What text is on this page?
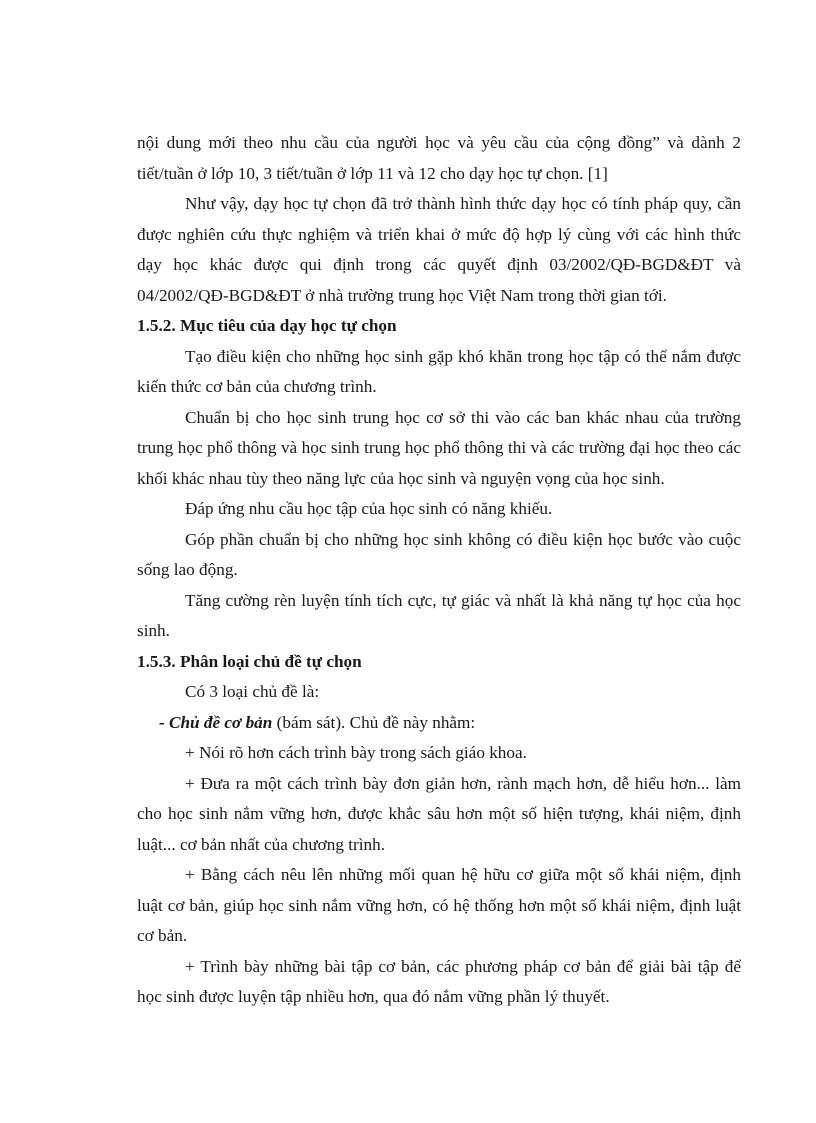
nội dung mới theo nhu cầu của người học và yêu cầu của cộng đồng” và dành 2 tiết/tuần ở lớp 10, 3 tiết/tuần ở lớp 11 và 12 cho dạy học tự chọn. [1]

Như vậy, dạy học tự chọn đã trở thành hình thức dạy học có tính pháp quy, cần được nghiên cứu thực nghiệm và triển khai ở mức độ hợp lý cùng với các hình thức dạy học khác được qui định trong các quyết định 03/2002/QĐ-BGD&ĐT và 04/2002/QĐ-BGD&ĐT ở nhà trường trung học Việt Nam trong thời gian tới.

1.5.2. Mục tiêu của dạy học tự chọn

Tạo điều kiện cho những học sinh gặp khó khăn trong học tập có thể nắm được kiến thức cơ bản của chương trình.

Chuẩn bị cho học sinh trung học cơ sở thi vào các ban khác nhau của trường trung học phổ thông và học sinh trung học phổ thông thi và các trường đại học theo các khối khác nhau tùy theo năng lực của học sinh và nguyện vọng của học sinh.

Đáp ứng nhu cầu học tập của học sinh có năng khiếu.

Góp phần chuẩn bị cho những học sinh không có điều kiện học bước vào cuộc sống lao động.

Tăng cường rèn luyện tính tích cực, tự giác và nhất là khả năng tự học của học sinh.

1.5.3. Phân loại chủ đề tự chọn

Có 3 loại chủ đề là:

- Chủ đề cơ bản (bám sát). Chủ đề này nhằm:

+ Nói rõ hơn cách trình bày trong sách giáo khoa.

+ Đưa ra một cách trình bày đơn giản hơn, rành mạch hơn, dễ hiểu hơn... làm cho học sinh nắm vững hơn, được khắc sâu hơn một số hiện tượng, khái niệm, định luật... cơ bản nhất của chương trình.

+ Bằng cách nêu lên những mối quan hệ hữu cơ giữa một số khái niệm, định luật cơ bản, giúp học sinh nắm vững hơn, có hệ thống hơn một số khái niệm, định luật cơ bản.

+ Trình bày những bài tập cơ bản, các phương pháp cơ bản để giải bài tập để học sinh được luyện tập nhiều hơn, qua đó nắm vững phần lý thuyết.
